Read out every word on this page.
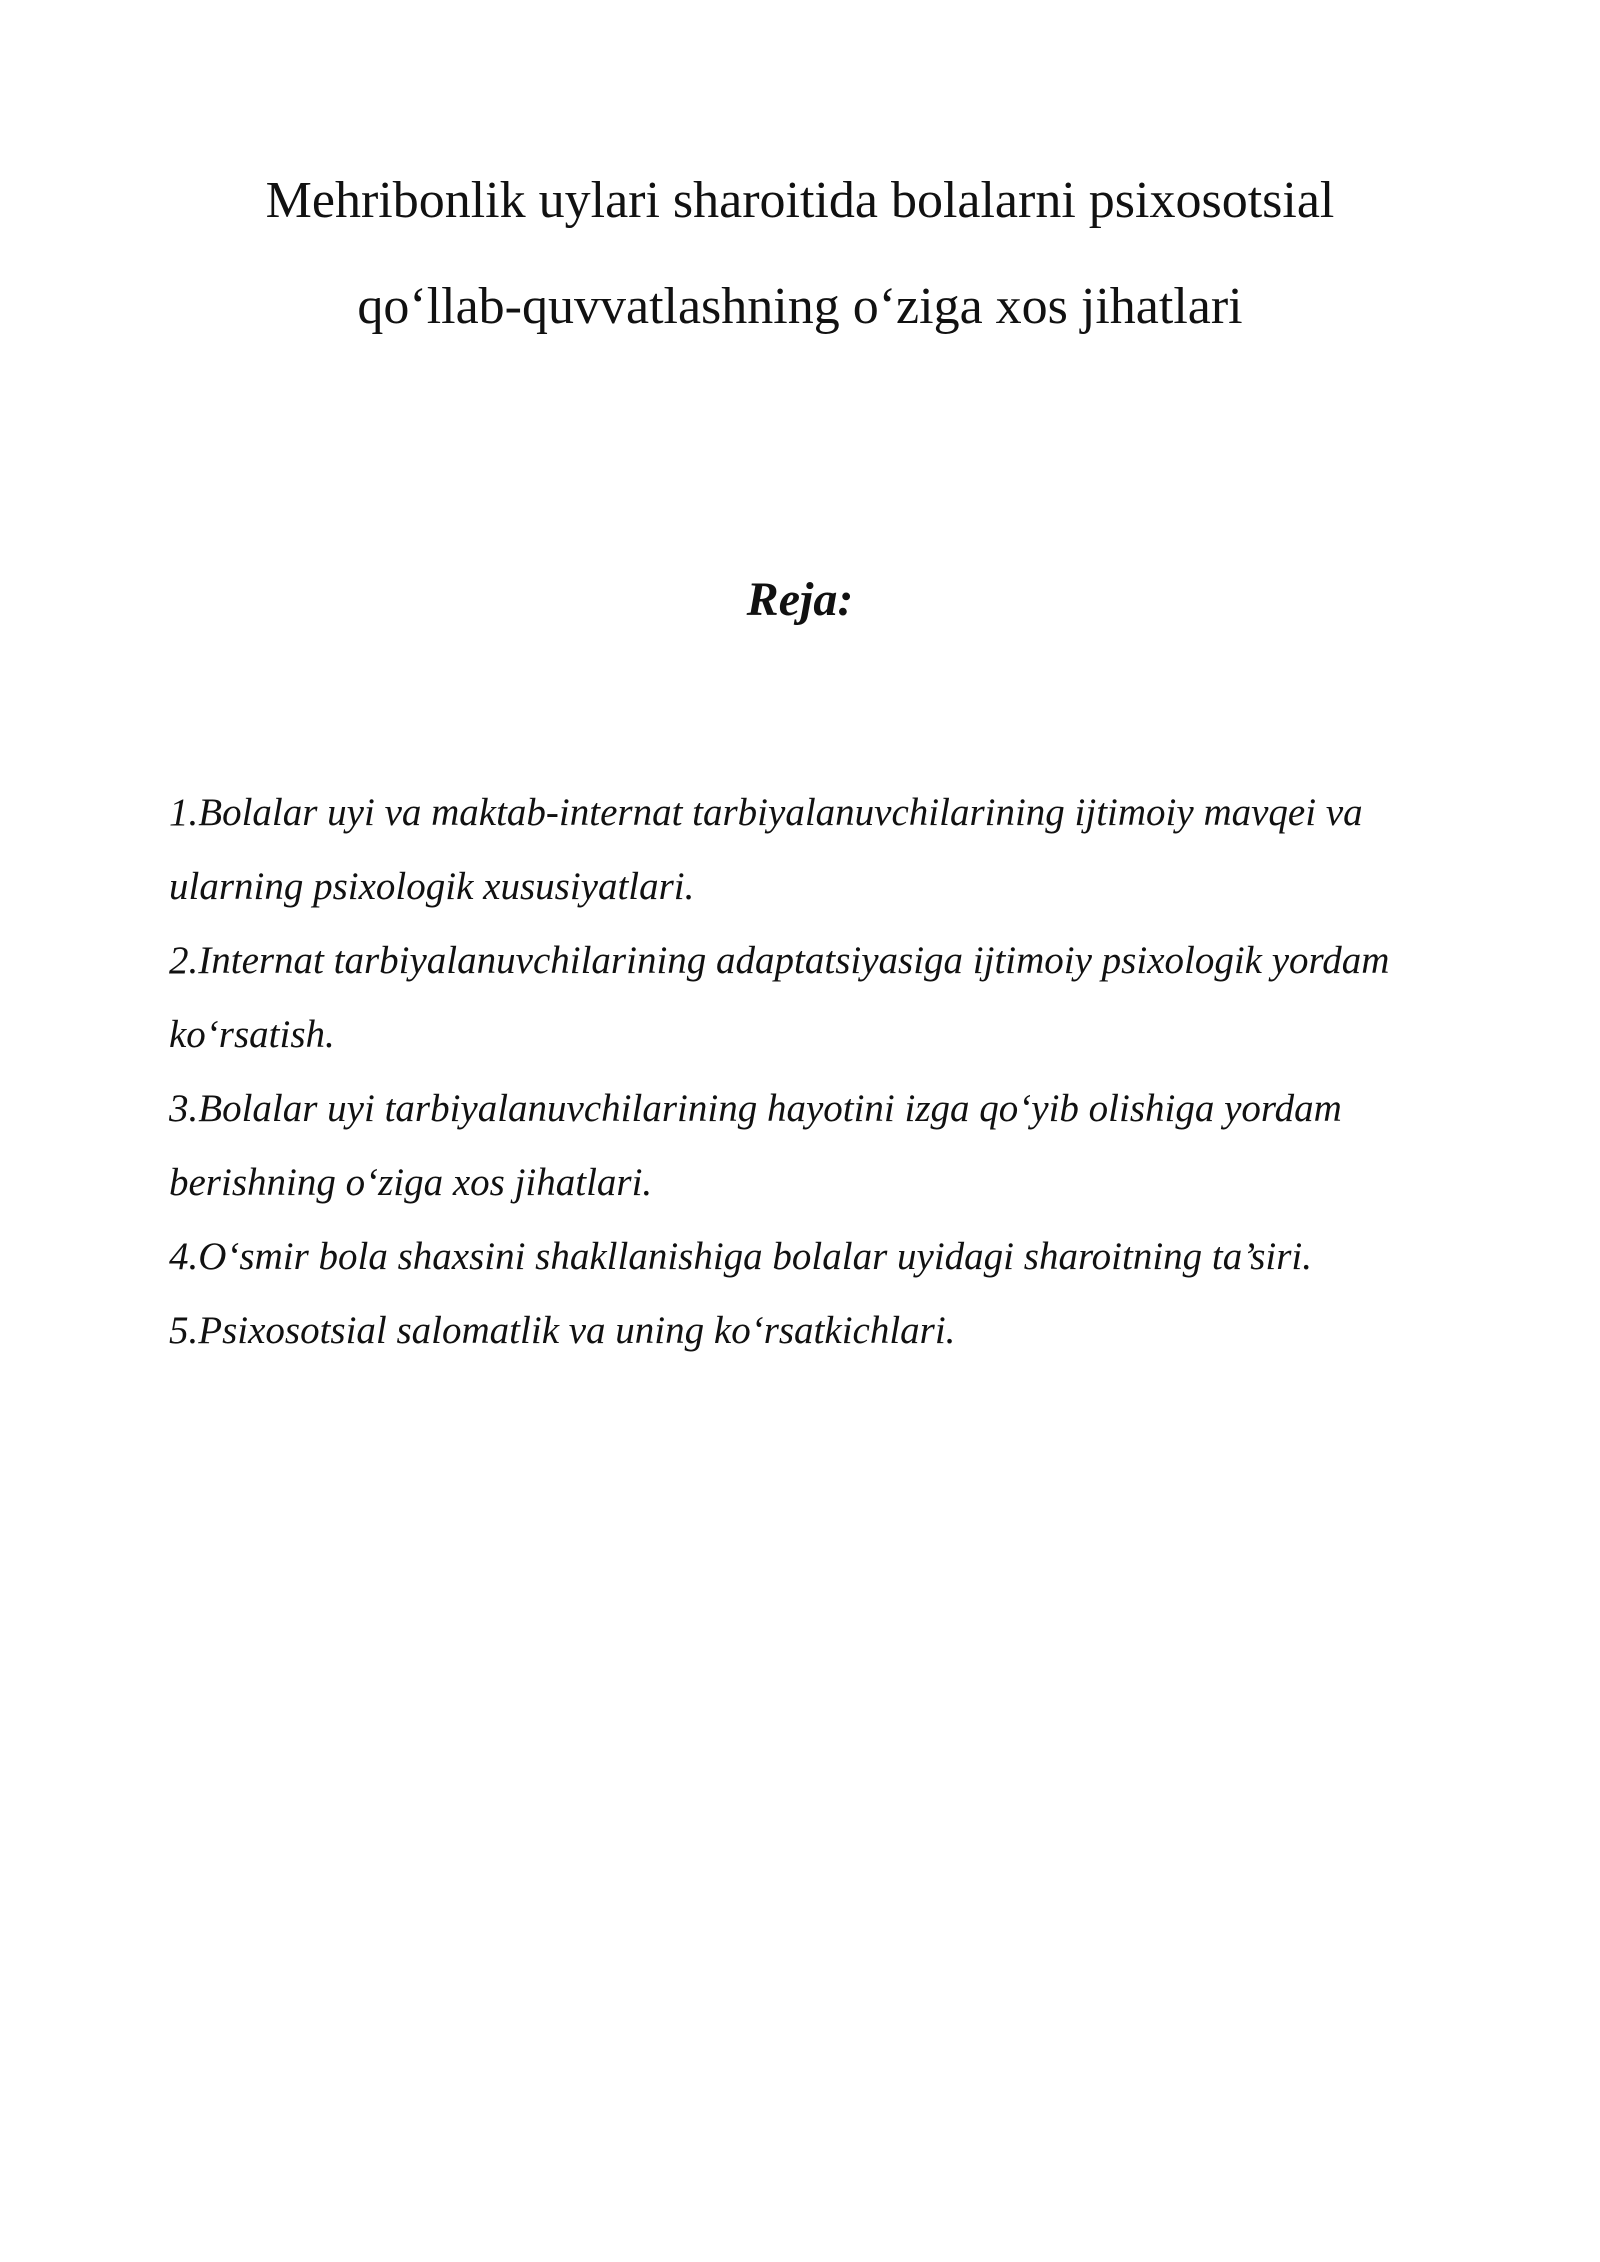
Mehribonlik uylari sharoitida bolalarni psixosotsial
qo‘llab-quvvatlashning o‘ziga xos jihatlari
Reja:
1.Bolalar uyi va maktab-internat tarbiyalanuvchilarining ijtimoiy mavqei va ularning psixologik xususiyatlari.
2.Internat tarbiyalanuvchilarining adaptatsiyasiga ijtimoiy psixologik yordam ko‘rsatish.
3.Bolalar uyi tarbiyalanuvchilarining hayotini izga qo‘yib olishiga yordam berishning o‘ziga xos jihatlari.
4.O‘smir bola shaxsini shakllanishiga bolalar uyidagi sharoitning ta’siri.
5.Psixosotsial salomatlik va uning ko‘rsatkichlari.
